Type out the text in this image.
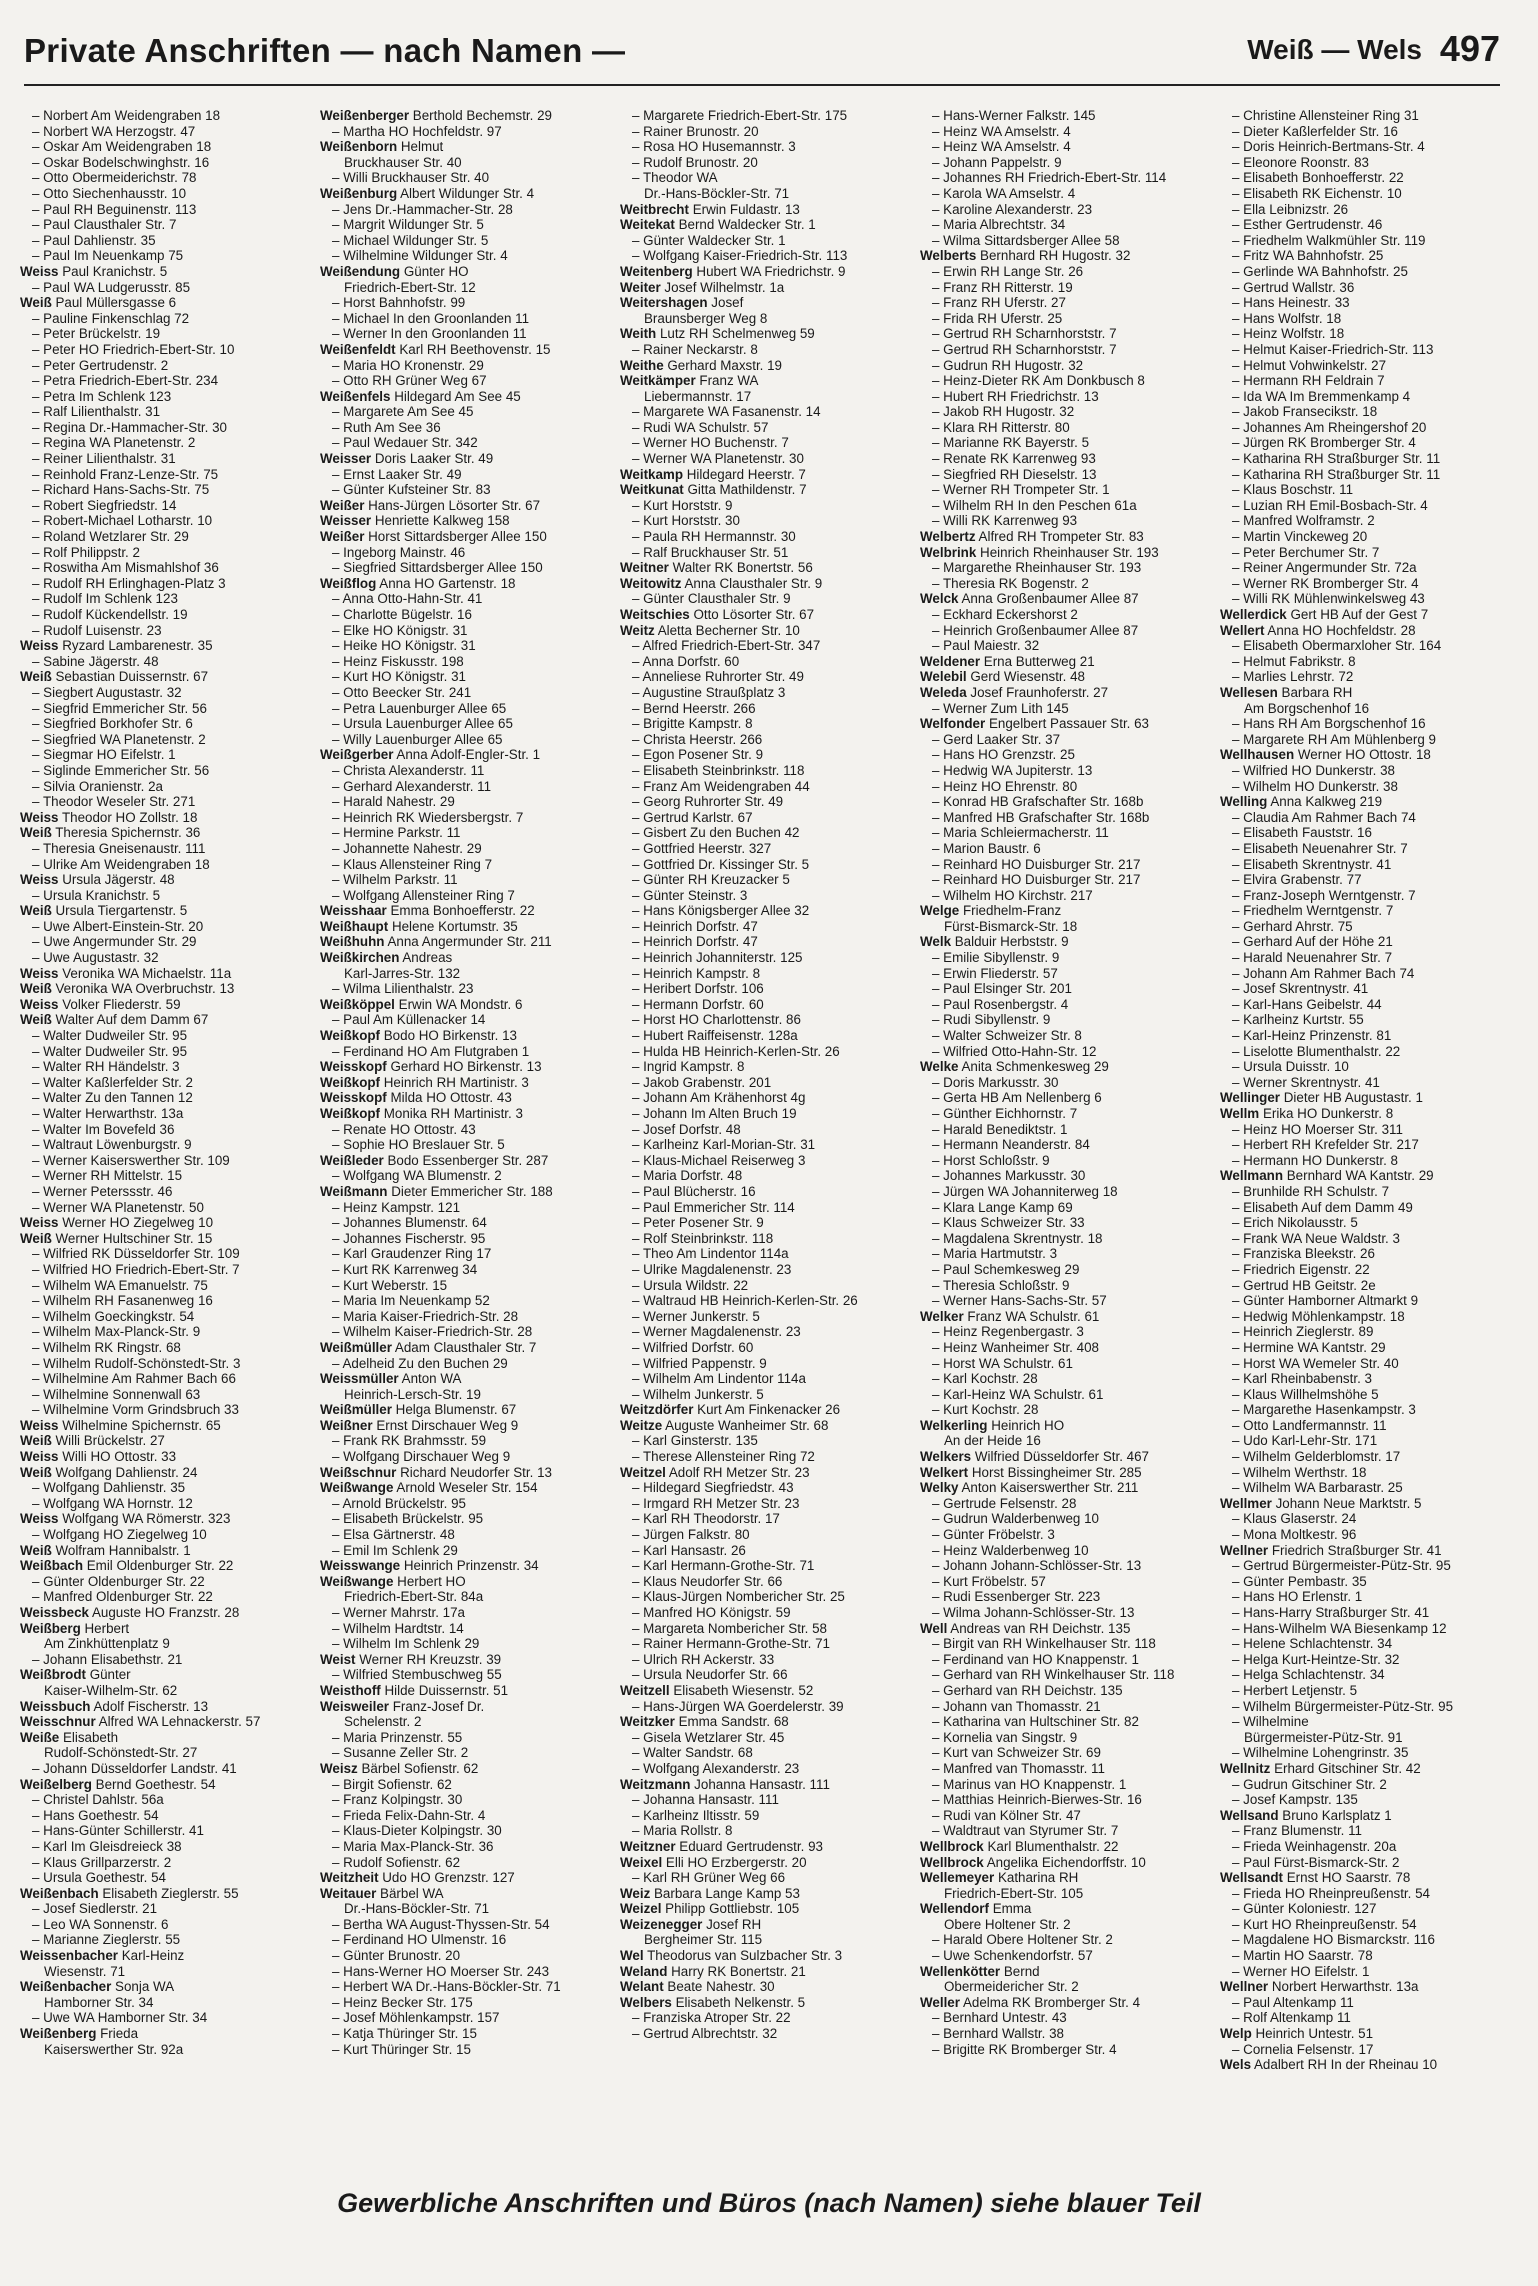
Private Anschriften — nach Namen —	Weiß — Wels 497
– Norbert Am Weidengraben 18
– Norbert WA Herzogstr. 47
– Oskar Am Weidengraben 18
– Oskar Bodelschwinghstr. 16
– Otto Obermeiderichstr. 78
– Otto Siechenhausstr. 10
– Paul RH Beguinenstr. 113
– Paul Clausthaler Str. 7
– Paul Dahlienstr. 35
– Paul Im Neuenkamp 75
Weiss Paul Kranichstr. 5
– Paul WA Ludgerusstr. 85
Weiß Paul Müllersgasse 6
– Pauline Finkenschlag 72
– Peter Brückelstr. 19
– Peter HO Friedrich-Ebert-Str. 10
– Peter Gertrudenstr. 2
– Petra Friedrich-Ebert-Str. 234
– Petra Im Schlenk 123
– Ralf Lilienthalstr. 31
– Regina Dr.-Hammacher-Str. 30
– Regina WA Planetenstr. 2
– Reiner Lilienthalstr. 31
– Reinhold Franz-Lenze-Str. 75
– Richard Hans-Sachs-Str. 75
– Robert Siegfriedstr. 14
– Robert-Michael Lotharstr. 10
– Roland Wetzlarer Str. 29
– Rolf Philippstr. 2
– Roswitha Am Mismahlshof 36
– Rudolf RH Erlinghagen-Platz 3
– Rudolf Im Schlenk 123
– Rudolf Kückendellstr. 19
– Rudolf Luisenstr. 23
Weiss Ryzard Lambarenestr. 35
– Sabine Jägerstr. 48
Weiß Sebastian Duissernstr. 67
– Siegbert Augustastr. 32
– Siegfrid Emmericher Str. 56
– Siegfried Borkhofer Str. 6
– Siegfried WA Planetenstr. 2
– Siegmar HO Eifelstr. 1
– Siglinde Emmericher Str. 56
– Silvia Oranienstr. 2a
– Theodor Weseler Str. 271
Weiss Theodor HO Zollstr. 18
Weiß Theresia Spichernstr. 36
– Theresia Gneisenaustr. 111
– Ulrike Am Weidengraben 18
Weiss Ursula Jägerstr. 48
– Ursula Kranichstr. 5
Weiß Ursula Tiergartenstr. 5
– Uwe Albert-Einstein-Str. 20
– Uwe Angermunder Str. 29
– Uwe Augustastr. 32
Weiss Veronika WA Michaelstr. 11a
Weiß Veronika WA Overbruchstr. 13
Weiss Volker Fliederstr. 59
Weiß Walter Auf dem Damm 67
– Walter Dudweiler Str. 95
– Walter Dudweiler Str. 95
– Walter RH Händelstr. 3
– Walter Kaßlerfelder Str. 2
– Walter Zu den Tannen 12
– Walter Herwarthstr. 13a
– Walter Im Bovefeld 36
– Waltraut Löwenburgstr. 9
– Werner Kaiserswerther Str. 109
– Werner RH Mittelstr. 15
– Werner Peterssstr. 46
– Werner WA Planetenstr. 50
Weiss Werner HO Ziegelweg 10
Weiß Werner Hultschiner Str. 15
– Wilfried RK Düsseldorfer Str. 109
– Wilfried HO Friedrich-Ebert-Str. 7
– Wilhelm WA Emanuelstr. 75
– Wilhelm RH Fasanenweg 16
– Wilhelm Goeckingkstr. 54
– Wilhelm Max-Planck-Str. 9
– Wilhelm RK Ringstr. 68
– Wilhelm Rudolf-Schönstedt-Str. 3
– Wilhelmine Am Rahmer Bach 66
– Wilhelmine Sonnenwall 63
– Wilhelmine Vorm Grindsbruch 33
Weiss Wilhelmine Spichernstr. 65
Weiß Willi Brückelstr. 27
Weiss Willi HO Ottostr. 33
Weiß Wolfgang Dahlienstr. 24
– Wolfgang Dahlienstr. 35
– Wolfgang WA Hornstr. 12
Weiss Wolfgang WA Römerstr. 323
– Wolfgang HO Ziegelweg 10
Weiß Wolfram Hannibalstr. 1
Weißbach Emil Oldenburger Str. 22
– Günter Oldenburger Str. 22
– Manfred Oldenburger Str. 22
Weissbeck Auguste HO Franzstr. 28
Weißberg Herbert
Am Zinkhüttenplatz 9
– Johann Elisabethstr. 21
Weißbrodt Günter
Kaiser-Wilhelm-Str. 62
Weissbuch Adolf Fischerstr. 13
Weisschnur Alfred WA Lehnackerstr. 57
Weiße Elisabeth
Rudolf-Schönstedt-Str. 27
– Johann Düsseldorfer Landstr. 41
Weißelberg Bernd Goethestr. 54
– Christel Dahlstr. 56a
– Hans Goethestr. 54
– Hans-Günter Schillerstr. 41
– Karl Im Gleisdreieck 38
– Klaus Grillparzerstr. 2
– Ursula Goethestr. 54
Weißenbach Elisabeth Zieglerstr. 55
– Josef Siedlerstr. 21
– Leo WA Sonnenstr. 6
– Marianne Zieglerstr. 55
Weissenbacher Karl-Heinz
Wiesenstr. 71
Weißenbacher Sonja WA
Hamborner Str. 34
– Uwe WA Hamborner Str. 34
Weißenberg Frieda
Kaiserswerther Str. 92a
Weißenberger Berthold Bechemstr. 29
– Martha HO Hochfeldstr. 97
Weißenborn Helmut
Bruckhauser Str. 40
– Willi Bruckhauser Str. 40
Weißenburg Albert Wildunger Str. 4
– Jens Dr.-Hammacher-Str. 28
– Margrit Wildunger Str. 5
– Michael Wildunger Str. 5
– Wilhelmine Wildunger Str. 4
Weißendung Günter HO
Friedrich-Ebert-Str. 12
– Horst Bahnhofstr. 99
– Michael In den Groonlanden 11
– Werner In den Groonlanden 11
Weißenfeldt Karl RH Beethovenstr. 15
– Maria HO Kronenstr. 29
– Otto RH Grüner Weg 67
Weißenfels Hildegard Am See 45
– Margarete Am See 45
– Ruth Am See 36
– Paul Wedauer Str. 342
Weisser Doris Laaker Str. 49
– Ernst Laaker Str. 49
– Günter Kufsteiner Str. 83
Weißer Hans-Jürgen Lösorter Str. 67
Weisser Henriette Kalkweg 158
Weißer Horst Sittardsberger Allee 150
– Ingeborg Mainstr. 46
– Siegfried Sittardsberger Allee 150
Weißflog Anna HO Gartenstr. 18
– Anna Otto-Hahn-Str. 41
– Charlotte Bügelstr. 16
– Elke HO Königstr. 31
– Heike HO Königstr. 31
– Heinz Fiskusstr. 198
– Kurt HO Königstr. 31
– Otto Beecker Str. 241
– Petra Lauenburger Allee 65
– Ursula Lauenburger Allee 65
– Willy Lauenburger Allee 65
Weißgerber Anna Adolf-Engler-Str. 1
– Christa Alexanderstr. 11
– Gerhard Alexanderstr. 11
– Harald Nahestr. 29
– Heinrich RK Wiedersbergstr. 7
– Hermine Parkstr. 11
– Johannette Nahestr. 29
– Klaus Allensteiner Ring 7
– Wilhelm Parkstr. 11
– Wolfgang Allensteiner Ring 7
Weisshaar Emma Bonhoefferstr. 22
Weißhaupt Helene Kortumstr. 35
Weißhuhn Anna Angermunder Str. 211
Weißkirchen Andreas
Karl-Jarres-Str. 132
– Wilma Lilienthalstr. 23
Weißköppel Erwin WA Mondstr. 6
– Paul Am Küllenacker 14
Weißkopf Bodo HO Birkenstr. 13
– Ferdinand HO Am Flutgraben 1
Weisskopf Gerhard HO Birkenstr. 13
Weißkopf Heinrich RH Martinistr. 3
Weisskopf Milda HO Ottostr. 43
Weißkopf Monika RH Martinistr. 3
– Renate HO Ottostr. 43
– Sophie HO Breslauer Str. 5
Weißleder Bodo Essenberger Str. 287
– Wolfgang WA Blumenstr. 2
Weißmann Dieter Emmericher Str. 188
– Heinz Kampstr. 121
– Johannes Blumenstr. 64
– Johannes Fischerstr. 95
– Karl Graudenzer Ring 17
– Kurt RK Karrenweg 34
– Kurt Weberstr. 15
– Maria Im Neuenkamp 52
– Maria Kaiser-Friedrich-Str. 28
– Wilhelm Kaiser-Friedrich-Str. 28
Weißmüller Adam Clausthaler Str. 7
– Adelheid Zu den Buchen 29
Weissmüller Anton WA
Heinrich-Lersch-Str. 19
Weißmüller Helga Blumenstr. 67
Weißner Ernst Dirschauer Weg 9
– Frank RK Brahmsstr. 59
– Wolfgang Dirschauer Weg 9
Weißschnur Richard Neudorfer Str. 13
Weißwange Arnold Weseler Str. 154
– Arnold Brückelstr. 95
– Elisabeth Brückelstr. 95
– Elsa Gärtnerstr. 48
– Emil Im Schlenk 29
Weisswange Heinrich Prinzenstr. 34
Weißwange Herbert HO
Friedrich-Ebert-Str. 84a
– Werner Mahrstr. 17a
– Wilhelm Hardtstr. 14
– Wilhelm Im Schlenk 29
Weist Werner RH Kreuzstr. 39
– Wilfried Stembuschweg 55
Weisthoff Hilde Duissernstr. 51
Weisweiler Franz-Josef Dr.
Schelenstr. 2
– Maria Prinzenstr. 55
– Susanne Zeller Str. 2
Weisz Bärbel Sofienstr. 62
– Birgit Sofienstr. 62
– Franz Kolpingstr. 30
– Frieda Felix-Dahn-Str. 4
– Klaus-Dieter Kolpingstr. 30
– Maria Max-Planck-Str. 36
– Rudolf Sofienstr. 62
Weitzheit Udo HO Grenzstr. 127
Weitauer Bärbel WA
Dr.-Hans-Böckler-Str. 71
– Bertha WA August-Thyssen-Str. 54
– Ferdinand HO Ulmenstr. 16
– Günter Brunostr. 20
– Hans-Werner HO Moerser Str. 243
– Herbert WA Dr.-Hans-Böckler-Str. 71
– Heinz Becker Str. 175
– Josef Möhlenkampstr. 157
– Katja Thüringer Str. 15
– Kurt Thüringer Str. 15
– Margarete Friedrich-Ebert-Str. 175
– Rainer Brunostr. 20
– Rosa HO Husemannstr. 3
– Rudolf Brunostr. 20
– Theodor WA
Dr.-Hans-Böckler-Str. 71
Weitbrecht Erwin Fuldastr. 13
Weitekat Bernd Waldecker Str. 1
– Günter Waldecker Str. 1
– Wolfgang Kaiser-Friedrich-Str. 113
Weitenberg Hubert WA Friedrichstr. 9
Weiter Josef Wilhelmstr. 1a
Weitershagen Josef
Braunsberger Weg 8
Weith Lutz RH Schelmenweg 59
– Rainer Neckarstr. 8
Weithe Gerhard Maxstr. 19
Weitkämper Franz WA
Liebermannstr. 17
– Margarete WA Fasanenstr. 14
– Rudi WA Schulstr. 57
– Werner HO Buchenstr. 7
– Werner WA Planetenstr. 30
Weitkamp Hildegard Heerstr. 7
Weitkunat Gitta Mathildenstr. 7
– Kurt Horststr. 9
– Kurt Horststr. 30
– Paula RH Hermannstr. 30
– Ralf Bruckhauser Str. 51
Weitner Walter RK Bonertstr. 56
Weitowitz Anna Clausthaler Str. 9
– Günter Clausthaler Str. 9
Weitschies Otto Lösorter Str. 67
Weitz Aletta Becherner Str. 10
– Alfred Friedrich-Ebert-Str. 347
– Anna Dorfstr. 60
– Anneliese Ruhrorter Str. 49
– Augustine Straußplatz 3
– Bernd Heerstr. 266
– Brigitte Kampstr. 8
– Christa Heerstr. 266
– Egon Posener Str. 9
– Elisabeth Steinbrinkstr. 118
– Franz Am Weidengraben 44
– Georg Ruhrorter Str. 49
– Gertrud Karlstr. 67
– Gisbert Zu den Buchen 42
– Gottfried Heerstr. 327
– Gottfried Dr. Kissinger Str. 5
– Günter RH Kreuzacker 5
– Günter Steinstr. 3
– Hans Königsberger Allee 32
– Heinrich Dorfstr. 47
– Heinrich Dorfstr. 47
– Heinrich Johanniterstr. 125
– Heinrich Kampstr. 8
– Heribert Dorfstr. 106
– Hermann Dorfstr. 60
– Horst HO Charlottenstr. 86
– Hubert Raiffeisenstr. 128a
– Hulda HB Heinrich-Kerlen-Str. 26
– Ingrid Kampstr. 8
– Jakob Grabenstr. 201
– Johann Am Krähenhorst 4g
– Johann Im Alten Bruch 19
– Josef Dorfstr. 48
– Karlheinz Karl-Morian-Str. 31
– Klaus-Michael Reiserweg 3
– Maria Dorfstr. 48
– Paul Blücherstr. 16
– Paul Emmericher Str. 114
– Peter Posener Str. 9
– Rolf Steinbrinkstr. 118
– Theo Am Lindentor 114a
– Ulrike Magdalenenstr. 23
– Ursula Wildstr. 22
– Waltraud HB Heinrich-Kerlen-Str. 26
– Werner Junkerstr. 5
– Werner Magdalenenstr. 23
– Wilfried Dorfstr. 60
– Wilfried Pappenstr. 9
– Wilhelm Am Lindentor 114a
– Wilhelm Junkerstr. 5
Weitzdörfer Kurt Am Finkenacker 26
Weitze Auguste Wanheimer Str. 68
– Karl Ginsterstr. 135
– Therese Allensteiner Ring 72
Weitzel Adolf RH Metzer Str. 23
– Hildegard Siegfriedstr. 43
– Irmgard RH Metzer Str. 23
– Karl RH Theodorstr. 17
– Jürgen Falkstr. 80
– Karl Hansastr. 26
– Karl Hermann-Grothe-Str. 71
– Klaus Neudorfer Str. 66
– Klaus-Jürgen Nombericher Str. 25
– Manfred HO Königstr. 59
– Margareta Nombericher Str. 58
– Rainer Hermann-Grothe-Str. 71
– Ulrich RH Ackerstr. 33
– Ursula Neudorfer Str. 66
Weitzell Elisabeth Wiesenstr. 52
– Hans-Jürgen WA Goerdelerstr. 39
Weitzker Emma Sandstr. 68
– Gisela Wetzlarer Str. 45
– Walter Sandstr. 68
– Wolfgang Alexanderstr. 23
Weitzmann Johanna Hansastr. 111
– Johanna Hansastr. 111
– Karlheinz Iltisstr. 59
– Maria Rollstr. 8
Weitzner Eduard Gertrudenstr. 93
Weixel Elli HO Erzbergerstr. 20
– Karl RH Grüner Weg 66
Weiz Barbara Lange Kamp 53
Weizel Philipp Gottliebstr. 105
Weizenegger Josef RH
Bergheimer Str. 115
Wel Theodorus van Sulzbacher Str. 3
Weland Harry RK Bonertstr. 21
Welant Beate Nahestr. 30
Welbers Elisabeth Nelkenstr. 5
– Franziska Atroper Str. 22
– Gertrud Albrechtstr. 32
– Hans-Werner Falkstr. 145
– Heinz WA Amselstr. 4
– Heinz WA Amselstr. 4
– Johann Pappelstr. 9
– Johannes RH Friedrich-Ebert-Str. 114
– Karola WA Amselstr. 4
– Karoline Alexanderstr. 23
– Maria Albrechtstr. 34
– Wilma Sittardsberger Allee 58
Welberts Bernhard RH Hugostr. 32
– Erwin RH Lange Str. 26
– Franz RH Ritterstr. 19
– Franz RH Uferstr. 27
– Frida RH Uferstr. 25
– Gertrud RH Scharnhorststr. 7
– Gertrud RH Scharnhorststr. 7
– Gudrun RH Hugostr. 32
– Heinz-Dieter RK Am Donkbusch 8
– Hubert RH Friedrichstr. 13
– Jakob RH Hugostr. 32
– Klara RH Ritterstr. 80
– Marianne RK Bayerstr. 5
– Renate RK Karrenweg 93
– Siegfried RH Dieselstr. 13
– Werner RH Trompeter Str. 1
– Wilhelm RH In den Peschen 61a
– Willi RK Karrenweg 93
Welbertz Alfred RH Trompeter Str. 83
Welbrink Heinrich Rheinhauser Str. 193
– Margarethe Rheinhauser Str. 193
– Theresia RK Bogenstr. 2
Welck Anna Großenbaumer Allee 87
– Eckhard Eckershorst 2
– Heinrich Großenbaumer Allee 87
– Paul Maiestr. 32
Weldener Erna Butterweg 21
Welebil Gerd Wiesenstr. 48
Weleda Josef Fraunhoferstr. 27
– Werner Zum Lith 145
Welfonder Engelbert Passauer Str. 63
– Gerd Laaker Str. 37
– Hans HO Grenzstr. 25
– Hedwig WA Jupiterstr. 13
– Heinz HO Ehrenstr. 80
– Konrad HB Grafschafter Str. 168b
– Manfred HB Grafschafter Str. 168b
– Maria Schleiermacherstr. 11
– Marion Baustr. 6
– Reinhard HO Duisburger Str. 217
– Reinhard HO Duisburger Str. 217
– Wilhelm HO Kirchstr. 217
Welge Friedhelm-Franz
Fürst-Bismarck-Str. 18
Welk Balduir Herbststr. 9
– Emilie Sibyllenstr. 9
– Erwin Fliederstr. 57
– Paul Elsinger Str. 201
– Paul Rosenbergstr. 4
– Rudi Sibyllenstr. 9
– Walter Schweizer Str. 8
– Wilfried Otto-Hahn-Str. 12
Welke Anita Schmenkesweg 29
– Doris Markusstr. 30
– Gerta HB Am Nellenberg 6
– Günther Eichhornstr. 7
– Harald Benediktstr. 1
– Hermann Neanderstr. 84
– Horst Schloßstr. 9
– Johannes Markusstr. 30
– Jürgen WA Johanniterweg 18
– Klara Lange Kamp 69
– Klaus Schweizer Str. 33
– Magdalena Skrentnystr. 18
– Maria Hartmutstr. 3
– Paul Schemkesweg 29
– Theresia Schloßstr. 9
– Werner Hans-Sachs-Str. 57
Welker Franz WA Schulstr. 61
– Heinz Regenbergastr. 3
– Heinz Wanheimer Str. 408
– Horst WA Schulstr. 61
– Karl Kochstr. 28
– Karl-Heinz WA Schulstr. 61
– Kurt Kochstr. 28
Welkerling Heinrich HO
An der Heide 16
Welkers Wilfried Düsseldorfer Str. 467
Welkert Horst Bissingheimer Str. 285
Welky Anton Kaiserswerther Str. 211
– Gertrude Felsenstr. 28
– Gudrun Walderbenweg 10
– Günter Fröbelstr. 3
– Heinz Walderbenweg 10
– Johann Johann-Schlösser-Str. 13
– Kurt Fröbelstr. 57
– Rudi Essenberger Str. 223
– Wilma Johann-Schlösser-Str. 13
Well Andreas van RH Deichstr. 135
– Birgit van RH Winkelhauser Str. 118
– Ferdinand van HO Knappenstr. 1
– Gerhard van RH Winkelhauser Str. 118
– Gerhard van RH Deichstr. 135
– Johann van Thomasstr. 21
– Katharina van Hultschiner Str. 82
– Kornelia van Singstr. 9
– Kurt van Schweizer Str. 69
– Manfred van Thomasstr. 11
– Marinus van HO Knappenstr. 1
– Matthias Heinrich-Bierwes-Str. 16
– Rudi van Kölner Str. 47
– Waldtraut van Styrumer Str. 7
Wellbrock Karl Blumenthalstr. 22
Wellbrock Angelika Eichendorffstr. 10
Wellemeyer Katharina RH
Friedrich-Ebert-Str. 105
Wellendorf Emma
Obere Holtener Str. 2
– Harald Obere Holtener Str. 2
– Uwe Schenkendorfstr. 57
Wellenkötter Bernd
Obermeidericher Str. 2
Weller Adelma RK Bromberger Str. 4
– Bernhard Untestr. 43
– Bernhard Wallstr. 38
– Brigitte RK Bromberger Str. 4
– Christine Allensteiner Ring 31
– Dieter Kaßlerfelder Str. 16
– Doris Heinrich-Bertmans-Str. 4
– Eleonore Roonstr. 83
– Elisabeth Bonhoefferstr. 22
– Elisabeth RK Eichenstr. 10
– Ella Leibnizstr. 26
– Esther Gertrudenstr. 46
– Friedhelm Walkmühler Str. 119
– Fritz WA Bahnhofstr. 25
– Gerlinde WA Bahnhofstr. 25
– Gertrud Wallstr. 36
– Hans Heinestr. 33
– Hans Wolfstr. 18
– Heinz Wolfstr. 18
– Helmut Kaiser-Friedrich-Str. 113
– Helmut Vohwinkelstr. 27
– Hermann RH Feldrain 7
– Ida WA Im Bremmenkamp 4
– Jakob Fransecikstr. 18
– Johannes Am Rheingershof 20
– Jürgen RK Bromberger Str. 4
– Katharina RH Straßburger Str. 11
– Katharina RH Straßburger Str. 11
– Klaus Boschstr. 11
– Luzian RH Emil-Bosbach-Str. 4
– Manfred Wolframstr. 2
– Martin Vinckeweg 20
– Peter Berchumer Str. 7
– Reiner Angermunder Str. 72a
– Werner RK Bromberger Str. 4
– Willi RK Mühlenwinkelsweg 43
Wellerdick Gert HB Auf der Gest 7
Wellert Anna HO Hochfeldstr. 28
– Elisabeth Obermarxloher Str. 164
– Helmut Fabrikstr. 8
– Marlies Lehrstr. 72
Wellesen Barbara RH
Am Borgschenhof 16
– Hans RH Am Borgschenhof 16
– Margarete RH Am Mühlenberg 9
Wellhausen Werner HO Ottostr. 18
– Wilfried HO Dunkerstr. 38
– Wilhelm HO Dunkerstr. 38
Welling Anna Kalkweg 219
– Claudia Am Rahmer Bach 74
– Elisabeth Fauststr. 16
– Elisabeth Neuenahrer Str. 7
– Elisabeth Skrentnystr. 41
– Elvira Grabenstr. 77
– Franz-Joseph Werntgenstr. 7
– Friedhelm Werntgenstr. 7
– Gerhard Ahrstr. 75
– Gerhard Auf der Höhe 21
– Harald Neuenahrer Str. 7
– Johann Am Rahmer Bach 74
– Josef Skrentnystr. 41
– Karl-Hans Geibelstr. 44
– Karlheinz Kurtstr. 55
– Karl-Heinz Prinzenstr. 81
– Liselotte Blumenthalstr. 22
– Ursula Duisstr. 10
– Werner Skrentnystr. 41
Wellinger Dieter HB Augustastr. 1
Wellm Erika HO Dunkerstr. 8
– Heinz HO Moerser Str. 311
– Herbert RH Krefelder Str. 217
– Hermann HO Dunkerstr. 8
Wellmann Bernhard WA Kantstr. 29
– Brunhilde RH Schulstr. 7
– Elisabeth Auf dem Damm 49
– Erich Nikolausstr. 5
– Frank WA Neue Waldstr. 3
– Franziska Bleekstr. 26
– Friedrich Eigenstr. 22
– Gertrud HB Geitstr. 2e
– Günter Hamborner Altmarkt 9
– Hedwig Möhlenkampstr. 18
– Heinrich Zieglerstr. 89
– Hermine WA Kantstr. 29
– Horst WA Wemeler Str. 40
– Karl Rheinbabenstr. 3
– Klaus Willhelmshöhe 5
– Margarethe Hasenkampstr. 3
– Otto Landfermannstr. 11
– Udo Karl-Lehr-Str. 171
– Wilhelm Gelderblomstr. 17
– Wilhelm Werthstr. 18
– Wilhelm WA Barbarastr. 25
Wellmer Johann Neue Marktstr. 5
– Klaus Glaserstr. 24
– Mona Moltkestr. 96
Wellner Friedrich Straßburger Str. 41
– Gertrud Bürgermeister-Pütz-Str. 95
– Günter Pembastr. 35
– Hans HO Erlenstr. 1
– Hans-Harry Straßburger Str. 41
– Hans-Wilhelm WA Biesenkamp 12
– Helene Schlachtenstr. 34
– Helga Kurt-Heintze-Str. 32
– Helga Schlachtenstr. 34
– Herbert Letjenstr. 5
– Wilhelm Bürgermeister-Pütz-Str. 95
– Wilhelmine
Bürgermeister-Pütz-Str. 91
– Wilhelmine Lohengrinstr. 35
Wellnitz Erhard Gitschiner Str. 42
– Gudrun Gitschiner Str. 2
– Josef Kampstr. 135
Wellsand Bruno Karlsplatz 1
– Franz Blumenstr. 11
– Frieda Weinhagenstr. 20a
– Paul Fürst-Bismarck-Str. 2
Wellsandt Ernst HO Saarstr. 78
– Frieda HO Rheinpreußenstr. 54
– Günter Koloniestr. 127
– Kurt HO Rheinpreußenstr. 54
– Magdalene HO Bismarckstr. 116
– Martin HO Saarstr. 78
– Werner HO Eifelstr. 1
Wellner Norbert Herwarthstr. 13a
– Paul Altenkamp 11
– Rolf Altenkamp 11
Welp Heinrich Untestr. 51
– Cornelia Felsenstr. 17
Wels Adalbert RH In der Rheinau 10
Gewerbliche Anschriften und Büros (nach Namen) siehe blauer Teil
